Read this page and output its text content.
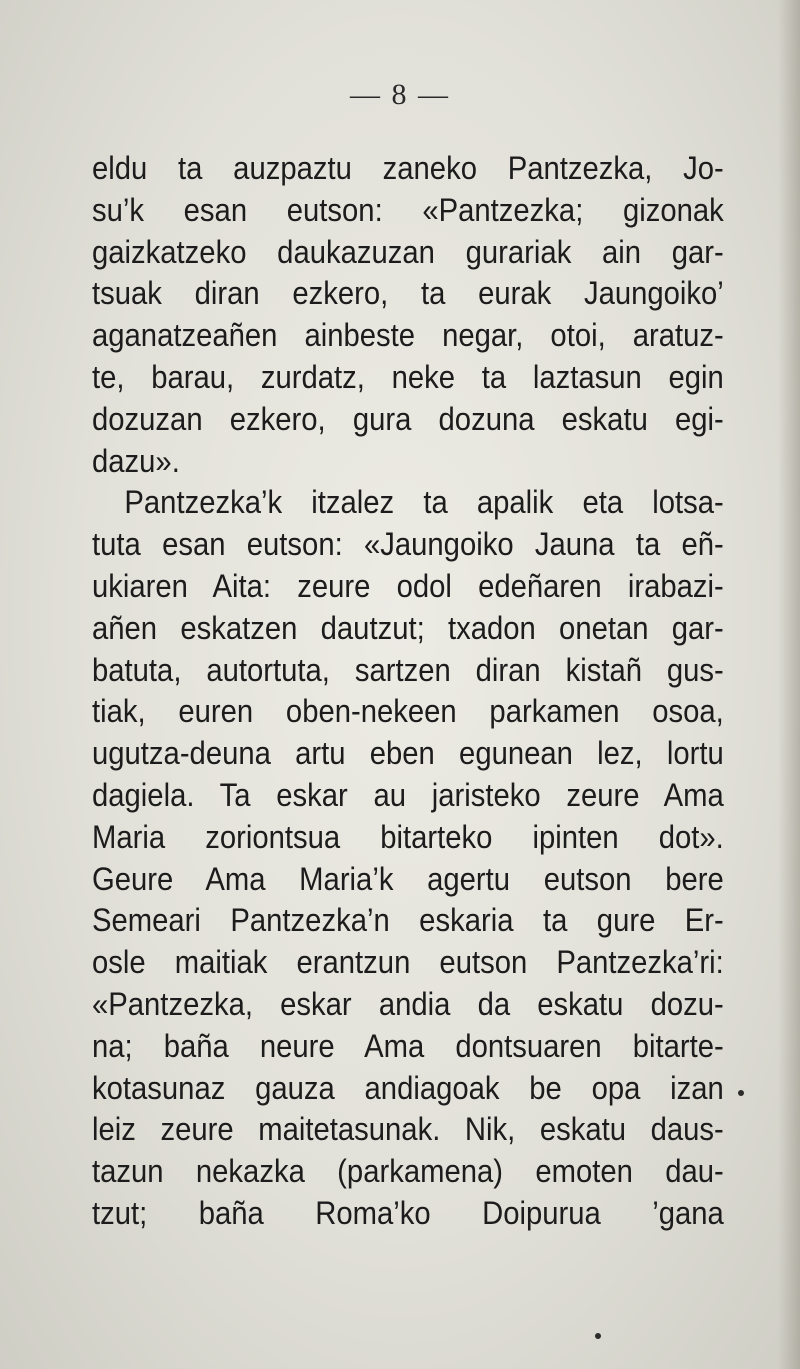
— 8 —
eldu ta auzpaztu zaneko Pantzezka, Jo-
su’k esan eutson: «Pantzezka; gizonak
gaizkatzeko daukazuzan gurariak ain gar-
tsuak diran ezkero, ta eurak Jaungoiko’
aganatzeañen ainbeste negar, otoi, aratuz-
te, barau, zurdatz, neke ta laztasun egin
dozuzan ezkero, gura dozuna eskatu egi-
dazu».
Pantzezka’k itzalez ta apalik eta lotsa-
tuta esan eutson: «Jaungoiko Jauna ta eñ-
ukiaren Aita: zeure odol edeñaren irabazi-
añen eskatzen dautzut; txadon onetan gar-
batuta, autortuta, sartzen diran kistañ gus-
tiak, euren oben-nekeen parkamen osoa,
ugutza-deuna artu eben egunean lez, lortu
dagiela. Ta eskar au jaristeko zeure Ama
Maria zoriontsua bitarteko ipinten dot».
Geure Ama Maria’k agertu eutson bere
Semeari Pantzezka’n eskaria ta gure Er-
osle maitiak erantzun eutson Pantzezka’ri:
«Pantzezka, eskar andia da eskatu dozu-
na; baña neure Ama dontsuaren bitarte-
kotasunaz gauza andiagoak be opa izan
leiz zeure maitetasunak. Nik, eskatu daus-
tazun nekazka (parkamena) emoten dau-
tzut; baña Roma’ko Doipurua ’gana
